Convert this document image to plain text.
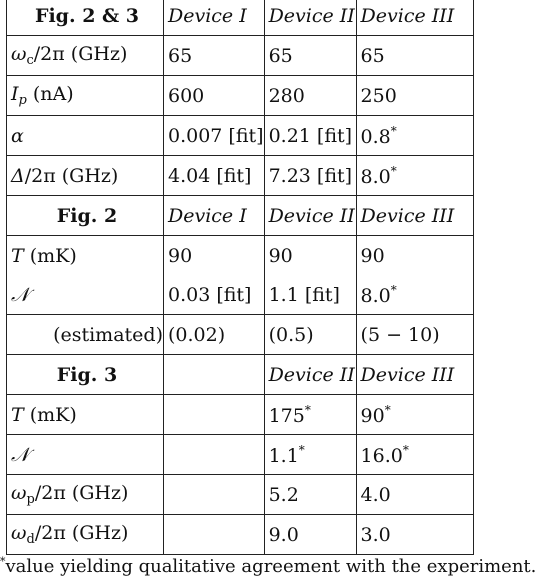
Fig. 2 & 3	Device I	Device II	Device III
$\omega_c/2\pi$ (GHz)	65	65	65
$I_p$ (nA)	600	280	250
α	0.007 [fit]	0.21 [fit]	0.8*
Δ/2π (GHz)	4.04 [fit]	7.23 [fit]	8.0*
Fig. 2	Device I	Device II	Device III
T (mK)	90	90	90
𝒩	0.03 [fit]	1.1 [fit]	8.0*
(estimated)	(0.02)	(0.5)	(5 − 10)
Fig. 3		Device II	Device III
T (mK)		175*	90*
𝒩		1.1*	16.0*
$\omega_p/2\pi$ (GHz)		5.2	4.0
$\omega_d/2\pi$ (GHz)		9.0	3.0
*value yielding qualitative agreement with the experiment.
